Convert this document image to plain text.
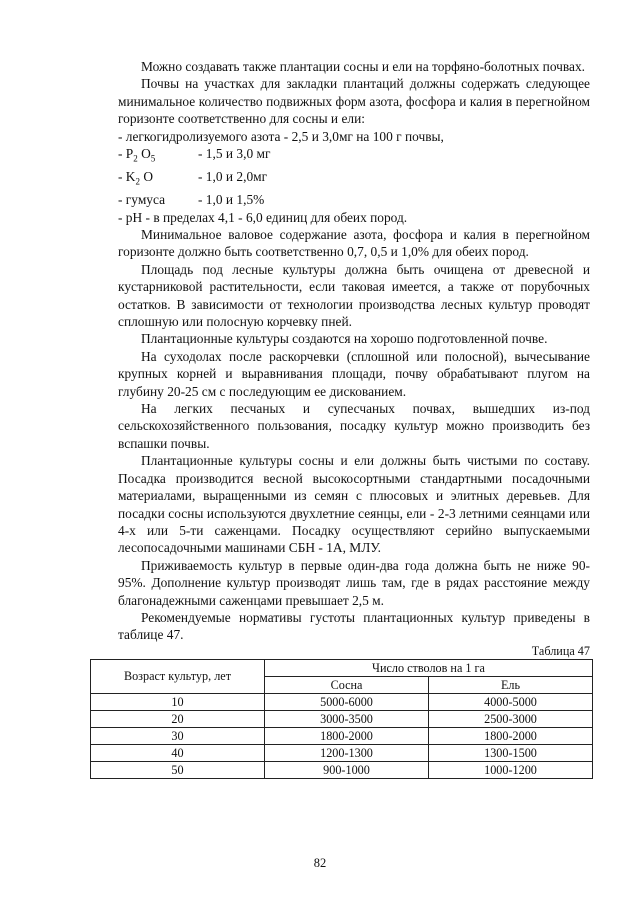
Можно создавать также плантации сосны и ели на торфяно-болотных почвах.

Почвы на участках для закладки плантаций должны содержать следующее минимальное количество подвижных форм азота, фосфора и калия в перегнойном горизонте соответственно для сосны и ели:

- легкогидролизуемого азота - 2,5 и 3,0мг на 100 г почвы,
- $P_2$ $O_5$	- 1,5 и 3,0 мг
- $K_2$ O	- 1,0 и 2,0мг
- гумуса	- 1,0 и 1,5%
- pH - в пределах 4,1 - 6,0 единиц для обеих пород.

Минимальное валовое содержание азота, фосфора и калия в перегнойном горизонте должно быть соответственно 0,7, 0,5 и 1,0% для обеих пород.

Площадь под лесные культуры должна быть очищена от древесной и кустарниковой растительности, если таковая имеется, а также от порубочных остатков. В зависимости от технологии производства лесных культур проводят сплошную или полосную корчевку пней.

Плантационные культуры создаются на хорошо подготовленной почве.

На суходолах после раскорчевки (сплошной или полосной), вычесывание крупных корней и выравнивания площади, почву обрабатывают плугом на глубину 20-25 см с последующим ее дискованием.

На легких песчаных и супесчаных почвах, вышедших из-под сельскохозяйственного пользования, посадку культур можно производить без вспашки почвы.

Плантационные культуры сосны и ели должны быть чистыми по составу. Посадка производится весной высокосортными стандартными посадочными материалами, выращенными из семян с плюсовых и элитных деревьев. Для посадки сосны используются двухлетние сеянцы, ели - 2-3 летними сеянцами или 4-х или 5-ти саженцами. Посадку осуществляют серийно выпускаемыми лесопосадочными машинами СБН - 1А, МЛУ.

Приживаемость культур в первые один-два года должна быть не ниже 90-95%. Дополнение культур производят лишь там, где в рядах расстояние между благонадежными саженцами превышает 2,5 м.

Рекомендуемые нормативы густоты плантационных культур приведены в таблице 47.

Таблица 47
Возраст культур, лет	Число стволов на 1 га	
	Сосна	Ель
10	5000-6000	4000-5000
20	3000-3500	2500-3000
30	1800-2000	1800-2000
40	1200-1300	1300-1500
50	900-1000	1000-1200
82
